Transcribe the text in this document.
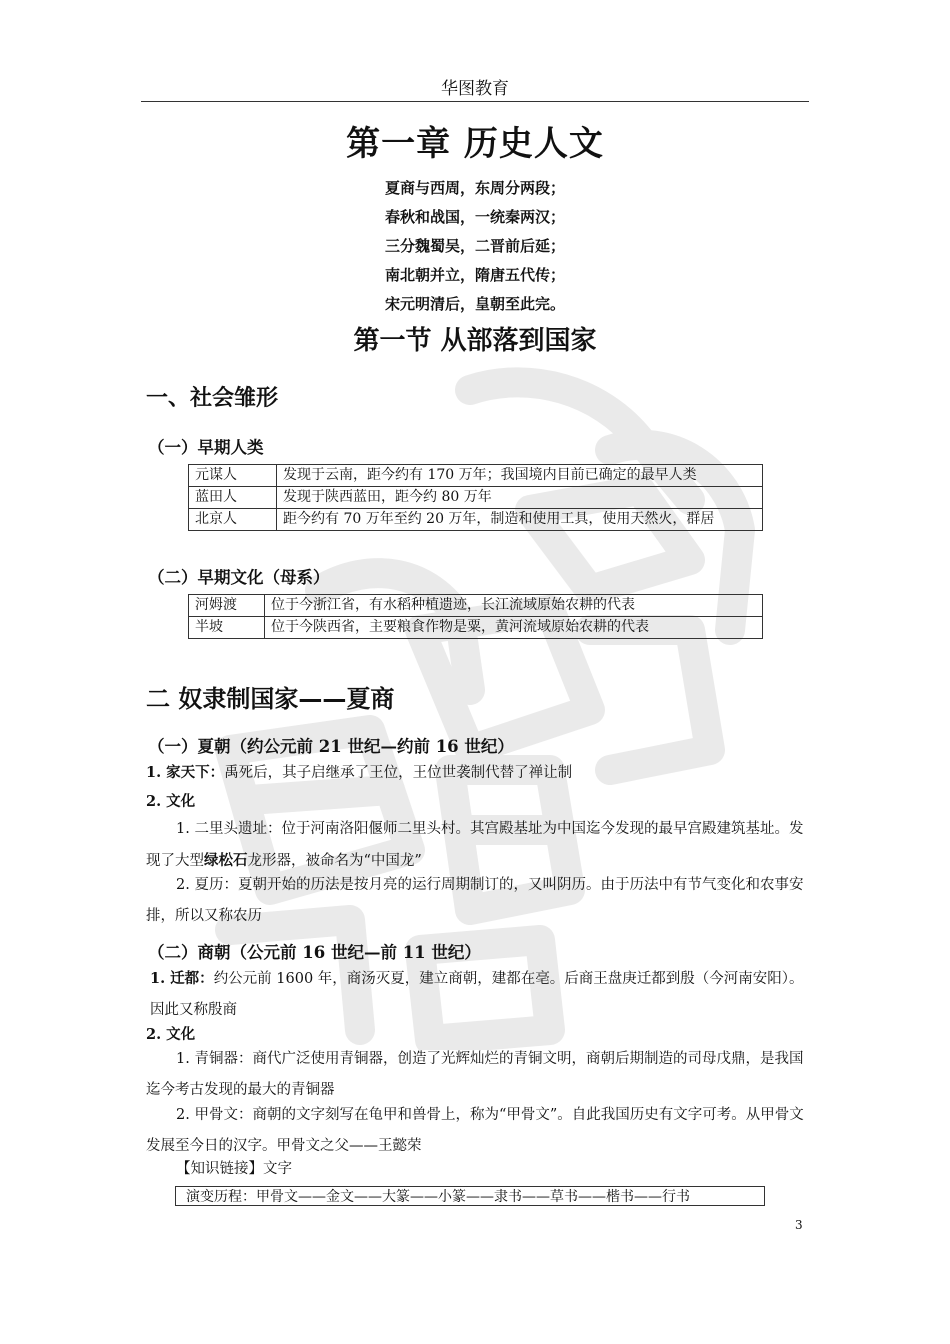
华图教育
第一章 历史人文
夏商与西周，东周分两段；
春秋和战国，一统秦两汉；
三分魏蜀吴，二晋前后延；
南北朝并立，隋唐五代传；
宋元明清后，皇朝至此完。
第一节 从部落到国家
一、社会雏形
（一）早期人类
元谋人	发现于云南，距今约有 170 万年；我国境内目前已确定的最早人类
蓝田人	发现于陕西蓝田，距今约 80 万年
北京人	距今约有 70 万年至约 20 万年，制造和使用工具，使用天然火，群居
（二）早期文化（母系）
河姆渡	位于今浙江省，有水稻种植遗迹，长江流域原始农耕的代表
半坡	位于今陕西省，主要粮食作物是粟，黄河流域原始农耕的代表
二 奴隶制国家——夏商
（一）夏朝（约公元前 21 世纪—约前 16 世纪）
1. 家天下：禹死后，其子启继承了王位，王位世袭制代替了禅让制
2. 文化
1. 二里头遗址：位于河南洛阳偃师二里头村。其宫殿基址为中国迄今发现的最早宫殿建筑基址。发现了大型绿松石龙形器，被命名为“中国龙”
2. 夏历：夏朝开始的历法是按月亮的运行周期制订的，又叫阴历。由于历法中有节气变化和农事安排，所以又称农历
（二）商朝（公元前 16 世纪—前 11 世纪）
1. 迁都：约公元前 1600 年，商汤灭夏，建立商朝，建都在亳。后商王盘庚迁都到殷（今河南安阳）。因此又称殷商
2. 文化
1. 青铜器：商代广泛使用青铜器，创造了光辉灿烂的青铜文明，商朝后期制造的司母戊鼎，是我国迄今考古发现的最大的青铜器
2. 甲骨文：商朝的文字刻写在龟甲和兽骨上，称为“甲骨文”。自此我国历史有文字可考。从甲骨文发展至今日的汉字。甲骨文之父——王懿荣
【知识链接】文字
演变历程：甲骨文——金文——大篆——小篆——隶书——草书——楷书——行书
3
